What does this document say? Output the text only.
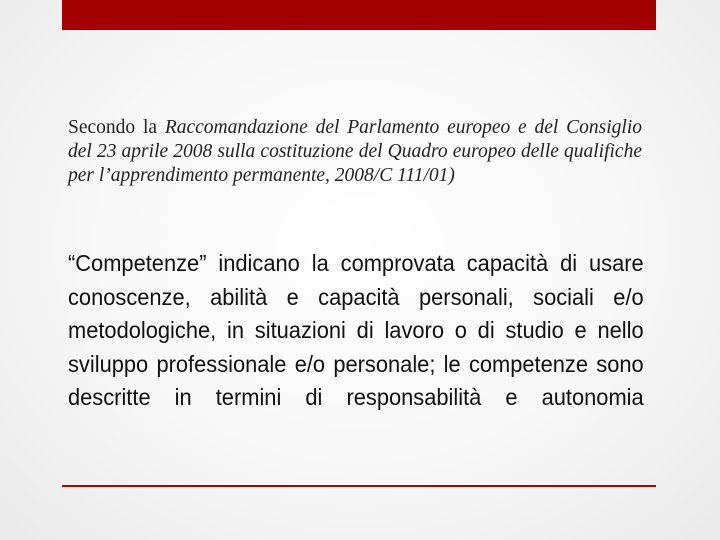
Secondo la Raccomandazione del Parlamento europeo e del Consiglio del 23 aprile 2008 sulla costituzione del Quadro europeo delle qualifiche per l’apprendimento permanente, 2008/C 111/01)

“Competenze” indicano la comprovata capacità di usare conoscenze, abilità e capacità personali, sociali e/o metodologiche, in situazioni di lavoro o di studio e nello sviluppo professionale e/o personale; le competenze sono descritte in termini di responsabilità e autonomia
